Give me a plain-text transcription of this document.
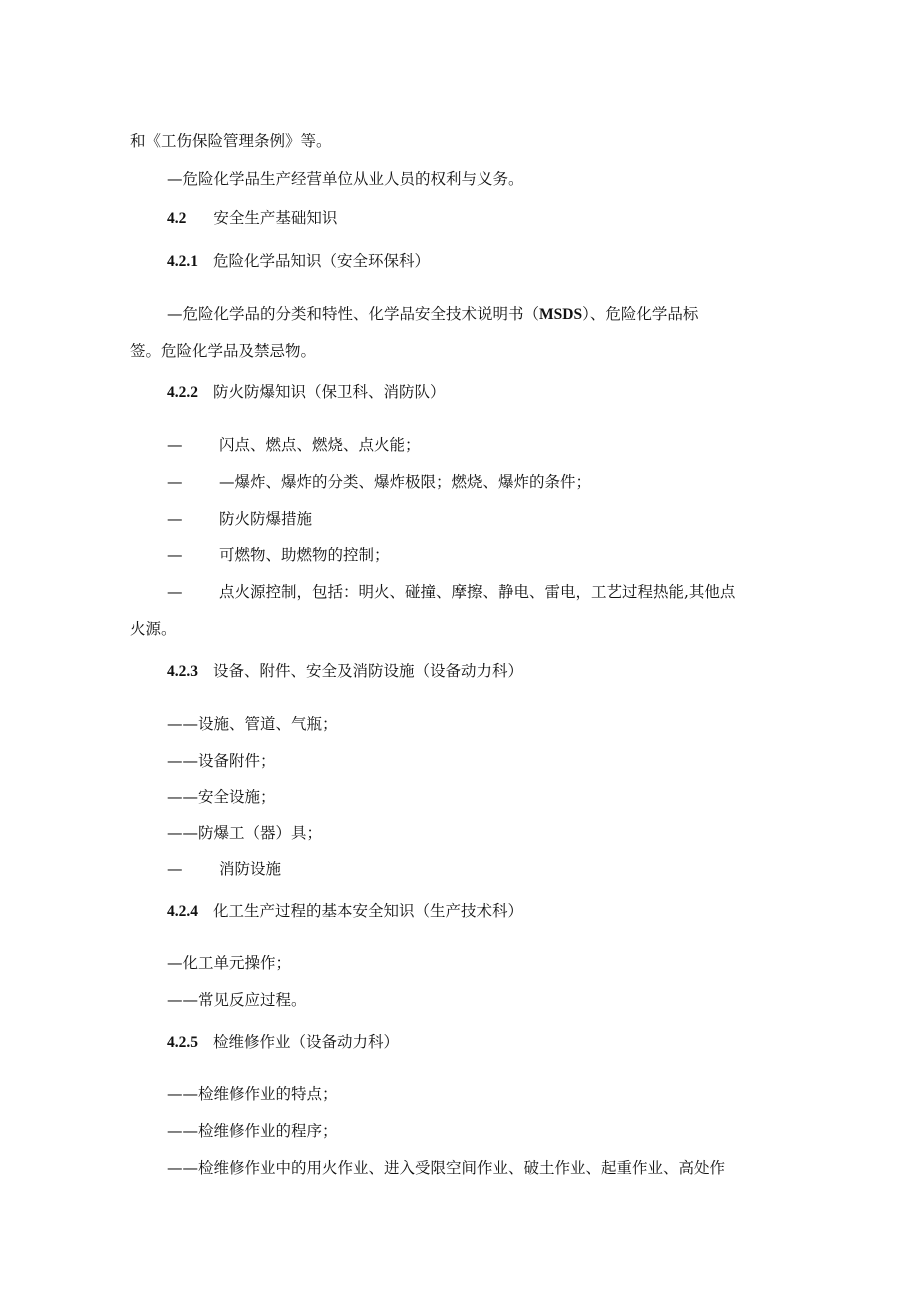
和《工伤保险管理条例》等。
—危险化学品生产经营单位从业人员的权利与义务。
4.2 安全生产基础知识
4.2.1 危险化学品知识（安全环保科）
—危险化学品的分类和特性、化学品安全技术说明书（MSDS）、危险化学品标
签。危险化学品及禁忌物。
4.2.2 防火防爆知识（保卫科、消防队）
— 闪点、燃点、燃烧、点火能；
— —爆炸、爆炸的分类、爆炸极限；燃烧、爆炸的条件；
— 防火防爆措施
— 可燃物、助燃物的控制；
— 点火源控制，包括：明火、碰撞、摩擦、静电、雷电，工艺过程热能,其他点
火源。
4.2.3 设备、附件、安全及消防设施（设备动力科）
——设施、管道、气瓶；
——设备附件；
——安全设施；
——防爆工（器）具；
— 消防设施
4.2.4 化工生产过程的基本安全知识（生产技术科）
—化工单元操作；
——常见反应过程。
4.2.5 检维修作业（设备动力科）
——检维修作业的特点；
——检维修作业的程序；
——检维修作业中的用火作业、进入受限空间作业、破土作业、起重作业、高处作
